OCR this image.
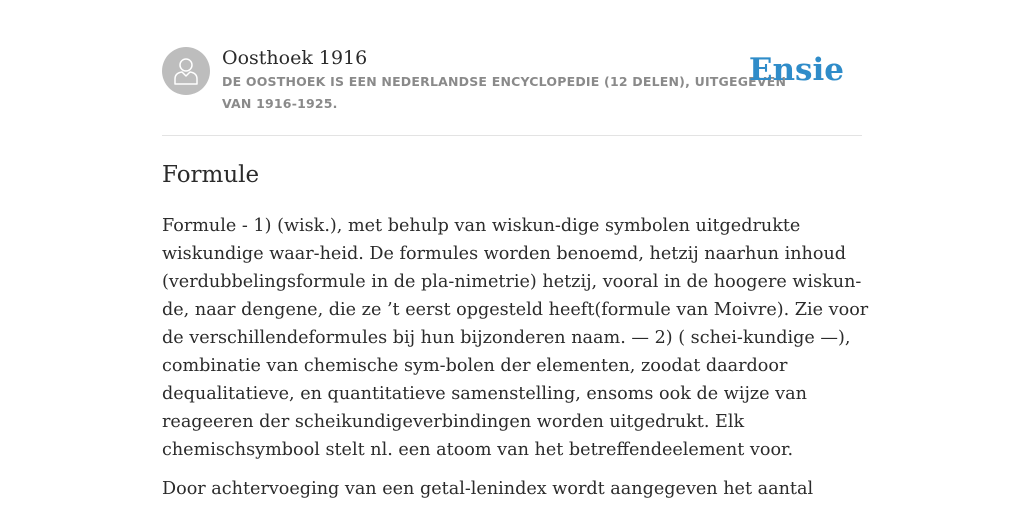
Oosthoek 1916
DE OOSTHOEK IS EEN NEDERLANDSE ENCYCLOPEDIE (12 DELEN), UITGEGEVEN
VAN 1916-1925.
Ensie
Formule

Formule - 1) (wisk.), met behulp van wiskun-dige symbolen uitgedrukte
wiskundige waar-heid. De formules worden benoemd, hetzij naarhun inhoud
(verdubbelingsformule in de pla-nimetrie) hetzij, vooral in de hoogere wiskun-
de, naar dengene, die ze ’t eerst opgesteld heeft(formule van Moivre). Zie voor
de verschillendeformules bij hun bijzonderen naam. — 2) ( schei-kundige —),
combinatie van chemische sym-bolen der elementen, zoodat daardoor
dequalitatieve, en quantitatieve samenstelling, ensoms ook de wijze van
reageeren der scheikundigeverbindingen worden uitgedrukt. Elk
chemischsymbool stelt nl. een atoom van het betreffendeelement voor.

Door achtervoeging van een getal-lenindex wordt aangegeven het aantal
